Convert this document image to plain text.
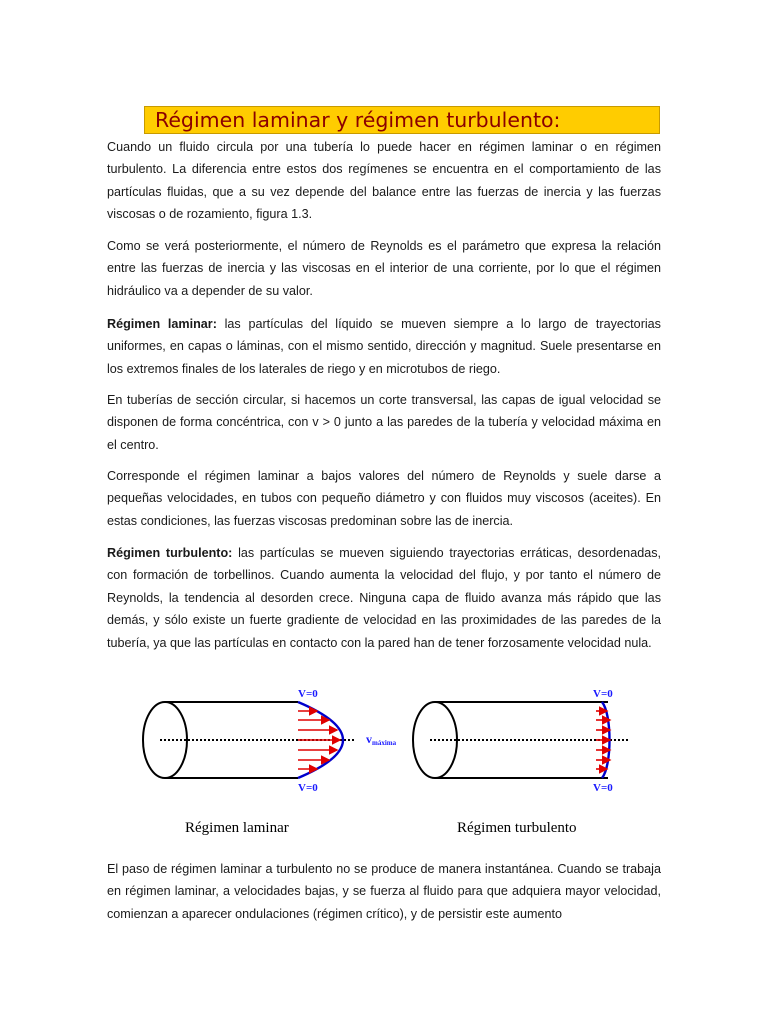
Régimen laminar y régimen turbulento:

Cuando un fluido circula por una tubería lo puede hacer en régimen laminar o en régimen turbulento. La diferencia entre estos dos regímenes se encuentra en el comportamiento de las partículas fluidas, que a su vez depende del balance entre las fuerzas de inercia y las fuerzas viscosas o de rozamiento, figura 1.3.

Como se verá posteriormente, el número de Reynolds es el parámetro que expresa la relación entre las fuerzas de inercia y las viscosas en el interior de una corriente, por lo que el régimen hidráulico va a depender de su valor.

Régimen laminar: las partículas del líquido se mueven siempre a lo largo de trayectorias uniformes, en capas o láminas, con el mismo sentido, dirección y magnitud. Suele presentarse en los extremos finales de los laterales de riego y en microtubos de riego.

En tuberías de sección circular, si hacemos un corte transversal, las capas de igual velocidad se disponen de forma concéntrica, con v > 0 junto a las paredes de la tubería y velocidad máxima en el centro.

Corresponde el régimen laminar a bajos valores del número de Reynolds y suele darse a pequeñas velocidades, en tubos con pequeño diámetro y con fluidos muy viscosos (aceites). En estas condiciones, las fuerzas viscosas predominan sobre las de inercia.

Régimen turbulento: las partículas se mueven siguiendo trayectorias erráticas, desordenadas, con formación de torbellinos. Cuando aumenta la velocidad del flujo, y por tanto el número de Reynolds, la tendencia al desorden crece. Ninguna capa de fluido avanza más rápido que las demás, y sólo existe un fuerte gradiente de velocidad en las proximidades de las paredes de la tubería, ya que las partículas en contacto con la pared han de tener forzosamente velocidad nula.

V=0
V=0
vmáxima
Régimen laminar
V=0
V=0
Régimen turbulento

El paso de régimen laminar a turbulento no se produce de manera instantánea. Cuando se trabaja en régimen laminar, a velocidades bajas, y se fuerza al fluido para que adquiera mayor velocidad, comienzan a aparecer ondulaciones (régimen crítico), y de persistir este aumento
